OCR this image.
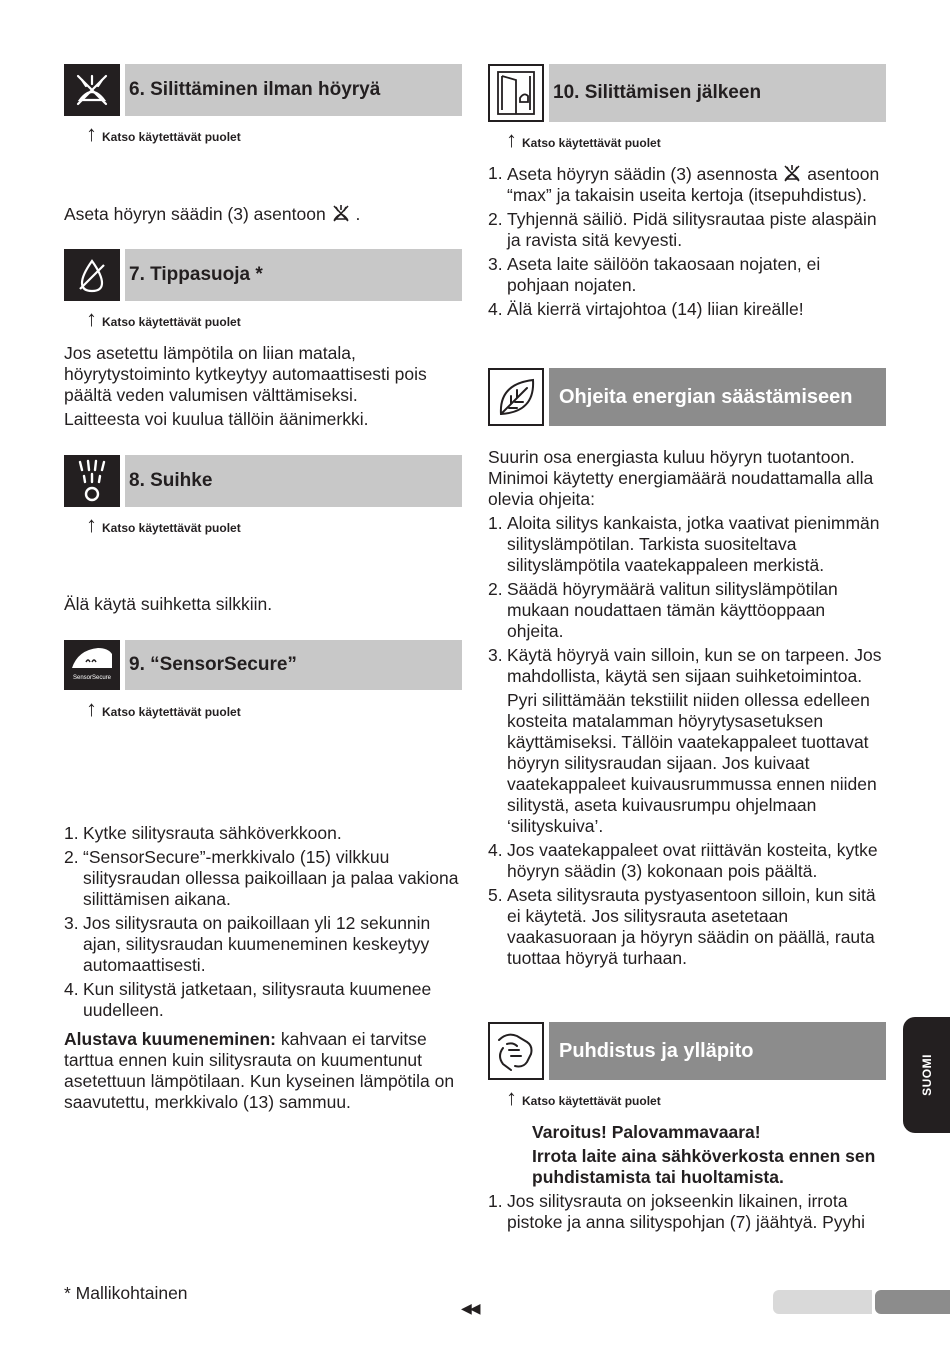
6. Silittäminen ilman höyryä
↑ Katso käytettävät puolet
Aseta höyryn säädin (3) asentoon .
7. Tippasuoja *
↑ Katso käytettävät puolet
Jos asetettu lämpötila on liian matala, höyrytystoiminto kytkeytyy automaattisesti pois päältä veden valumisen välttämiseksi.
Laitteesta voi kuulua tällöin äänimerkki.
8. Suihke
↑ Katso käytettävät puolet
Älä käytä suihketta silkkiin.
SensorSecure
9. “SensorSecure”
↑ Katso käytettävät puolet
1. Kytke silitysrauta sähköverkkoon.
2. “SensorSecure”-merkkivalo (15) vilkkuu silitysraudan ollessa paikoillaan ja palaa vakiona silittämisen aikana.
3. Jos silitysrauta on paikoillaan yli 12 sekunnin ajan, silitysraudan kuumeneminen keskeytyy automaattisesti.
4. Kun silitystä jatketaan, silitysrauta kuumenee uudelleen.
Alustava kuumeneminen: kahvaan ei tarvitse tarttua ennen kuin silitysrauta on kuumentunut asetettuun lämpötilaan. Kun kyseinen lämpötila on saavutettu, merkkivalo (13) sammuu.
* Mallikohtainen
10. Silittämisen jälkeen
↑ Katso käytettävät puolet
1. Aseta höyryn säädin (3) asennosta asentoon “max” ja takaisin useita kertoja (itsepuhdistus).
2. Tyhjennä säiliö. Pidä silitysrautaa piste alaspäin ja ravista sitä kevyesti.
3. Aseta laite säilöön takaosaan nojaten, ei pohjaan nojaten.
4. Älä kierrä virtajohtoa (14) liian kireälle!
Ohjeita energian säästämiseen
Suurin osa energiasta kuluu höyryn tuotantoon. Minimoi käytetty energiamäärä noudattamalla alla olevia ohjeita:
1. Aloita silitys kankaista, jotka vaativat pienimmän silityslämpötilan. Tarkista suositeltava silityslämpötila vaatekappaleen merkistä.
2. Säädä höyrymäärä valitun silityslämpötilan mukaan noudattaen tämän käyttöoppaan ohjeita.
3. Käytä höyryä vain silloin, kun se on tarpeen. Jos mahdollista, käytä sen sijaan suihketoimintoa.
Pyri silittämään tekstiilit niiden ollessa edelleen kosteita matalamman höyrytysasetuksen käyttämiseksi. Tällöin vaatekappaleet tuottavat höyryn silitysraudan sijaan. Jos kuivaat vaatekappaleet kuivausrummussa ennen niiden silitystä, aseta kuivausrumpu ohjelmaan ‘silityskuiva’.
4. Jos vaatekappaleet ovat riittävän kosteita, kytke höyryn säädin (3) kokonaan pois päältä.
5. Aseta silitysrauta pystyasentoon silloin, kun sitä ei käytetä. Jos silitysrauta asetetaan vaakasuoraan ja höyryn säädin on päällä, rauta tuottaa höyryä turhaan.
Puhdistus ja ylläpito
↑ Katso käytettävät puolet
Varoitus! Palovammavaara!
Irrota laite aina sähköverkosta ennen sen puhdistamista tai huoltamista.
1. Jos silitysrauta on jokseenkin likainen, irrota pistoke ja anna silityspohjan (7) jäähtyä. Pyyhi
SUOMI
◀◀
